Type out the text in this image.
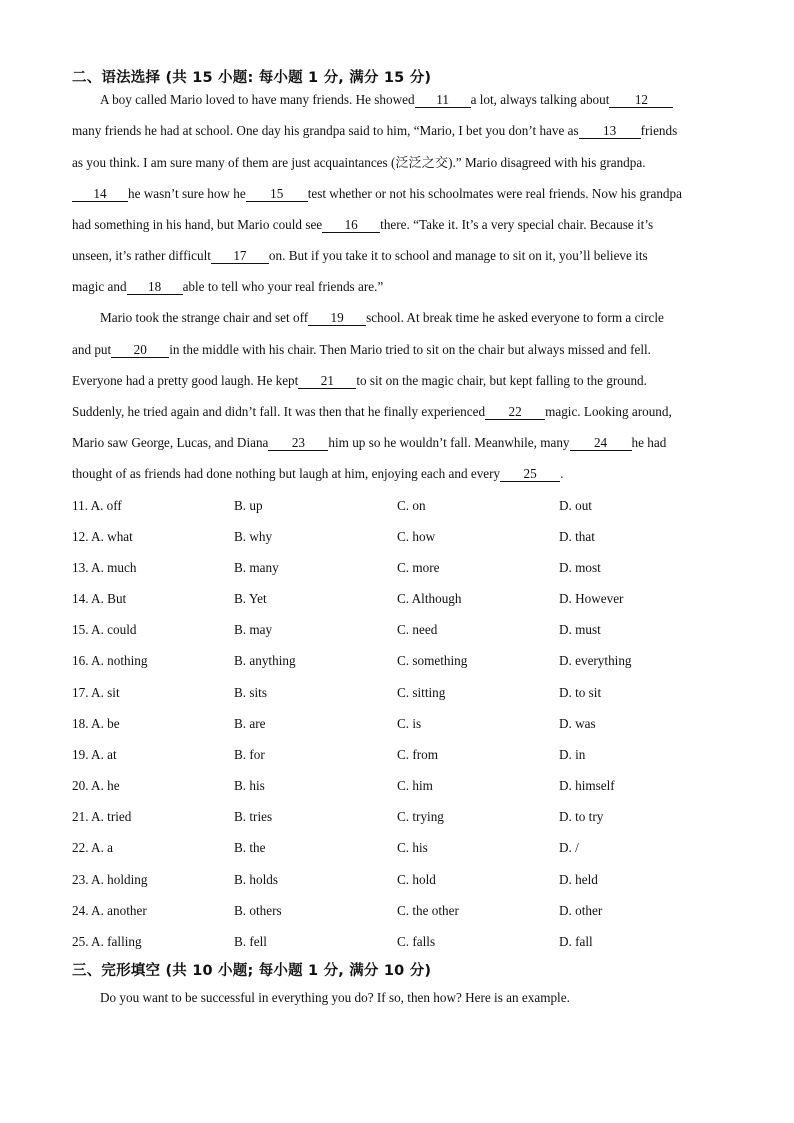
二、语法选择 (共 15 小题: 每小题 1 分, 满分 15 分)
A boy called Mario loved to have many friends. He showed 11 a lot, always talking about 12
many friends he had at school. One day his grandpa said to him, “Mario, I bet you don’t have as 13 friends
as you think. I am sure many of them are just acquaintances (泛泛之交).” Mario disagreed with his grandpa.
14 he wasn’t sure how he 15 test whether or not his schoolmates were real friends. Now his grandpa
had something in his hand, but Mario could see 16 there. “Take it. It’s a very special chair. Because it’s
unseen, it’s rather difficult 17 on. But if you take it to school and manage to sit on it, you’ll believe its
magic and 18 able to tell who your real friends are.”
Mario took the strange chair and set off 19 school. At break time he asked everyone to form a circle
and put 20 in the middle with his chair. Then Mario tried to sit on the chair but always missed and fell.
Everyone had a pretty good laugh. He kept 21 to sit on the magic chair, but kept falling to the ground.
Suddenly, he tried again and didn’t fall. It was then that he finally experienced 22 magic. Looking around,
Mario saw George, Lucas, and Diana 23 him up so he wouldn’t fall. Meanwhile, many 24 he had
thought of as friends had done nothing but laugh at him, enjoying each and every 25 .
11. A. off	B. up	C. on	D. out
12. A. what	B. why	C. how	D. that
13. A. much	B. many	C. more	D. most
14. A. But	B. Yet	C. Although	D. However
15. A. could	B. may	C. need	D. must
16. A. nothing	B. anything	C. something	D. everything
17. A. sit	B. sits	C. sitting	D. to sit
18. A. be	B. are	C. is	D. was
19. A. at	B. for	C. from	D. in
20. A. he	B. his	C. him	D. himself
21. A. tried	B. tries	C. trying	D. to try
22. A. a	B. the	C. his	D. /
23. A. holding	B. holds	C. hold	D. held
24. A. another	B. others	C. the other	D. other
25. A. falling	B. fell	C. falls	D. fall
三、完形填空 (共 10 小题; 每小题 1 分, 满分 10 分)
Do you want to be successful in everything you do? If so, then how? Here is an example.
